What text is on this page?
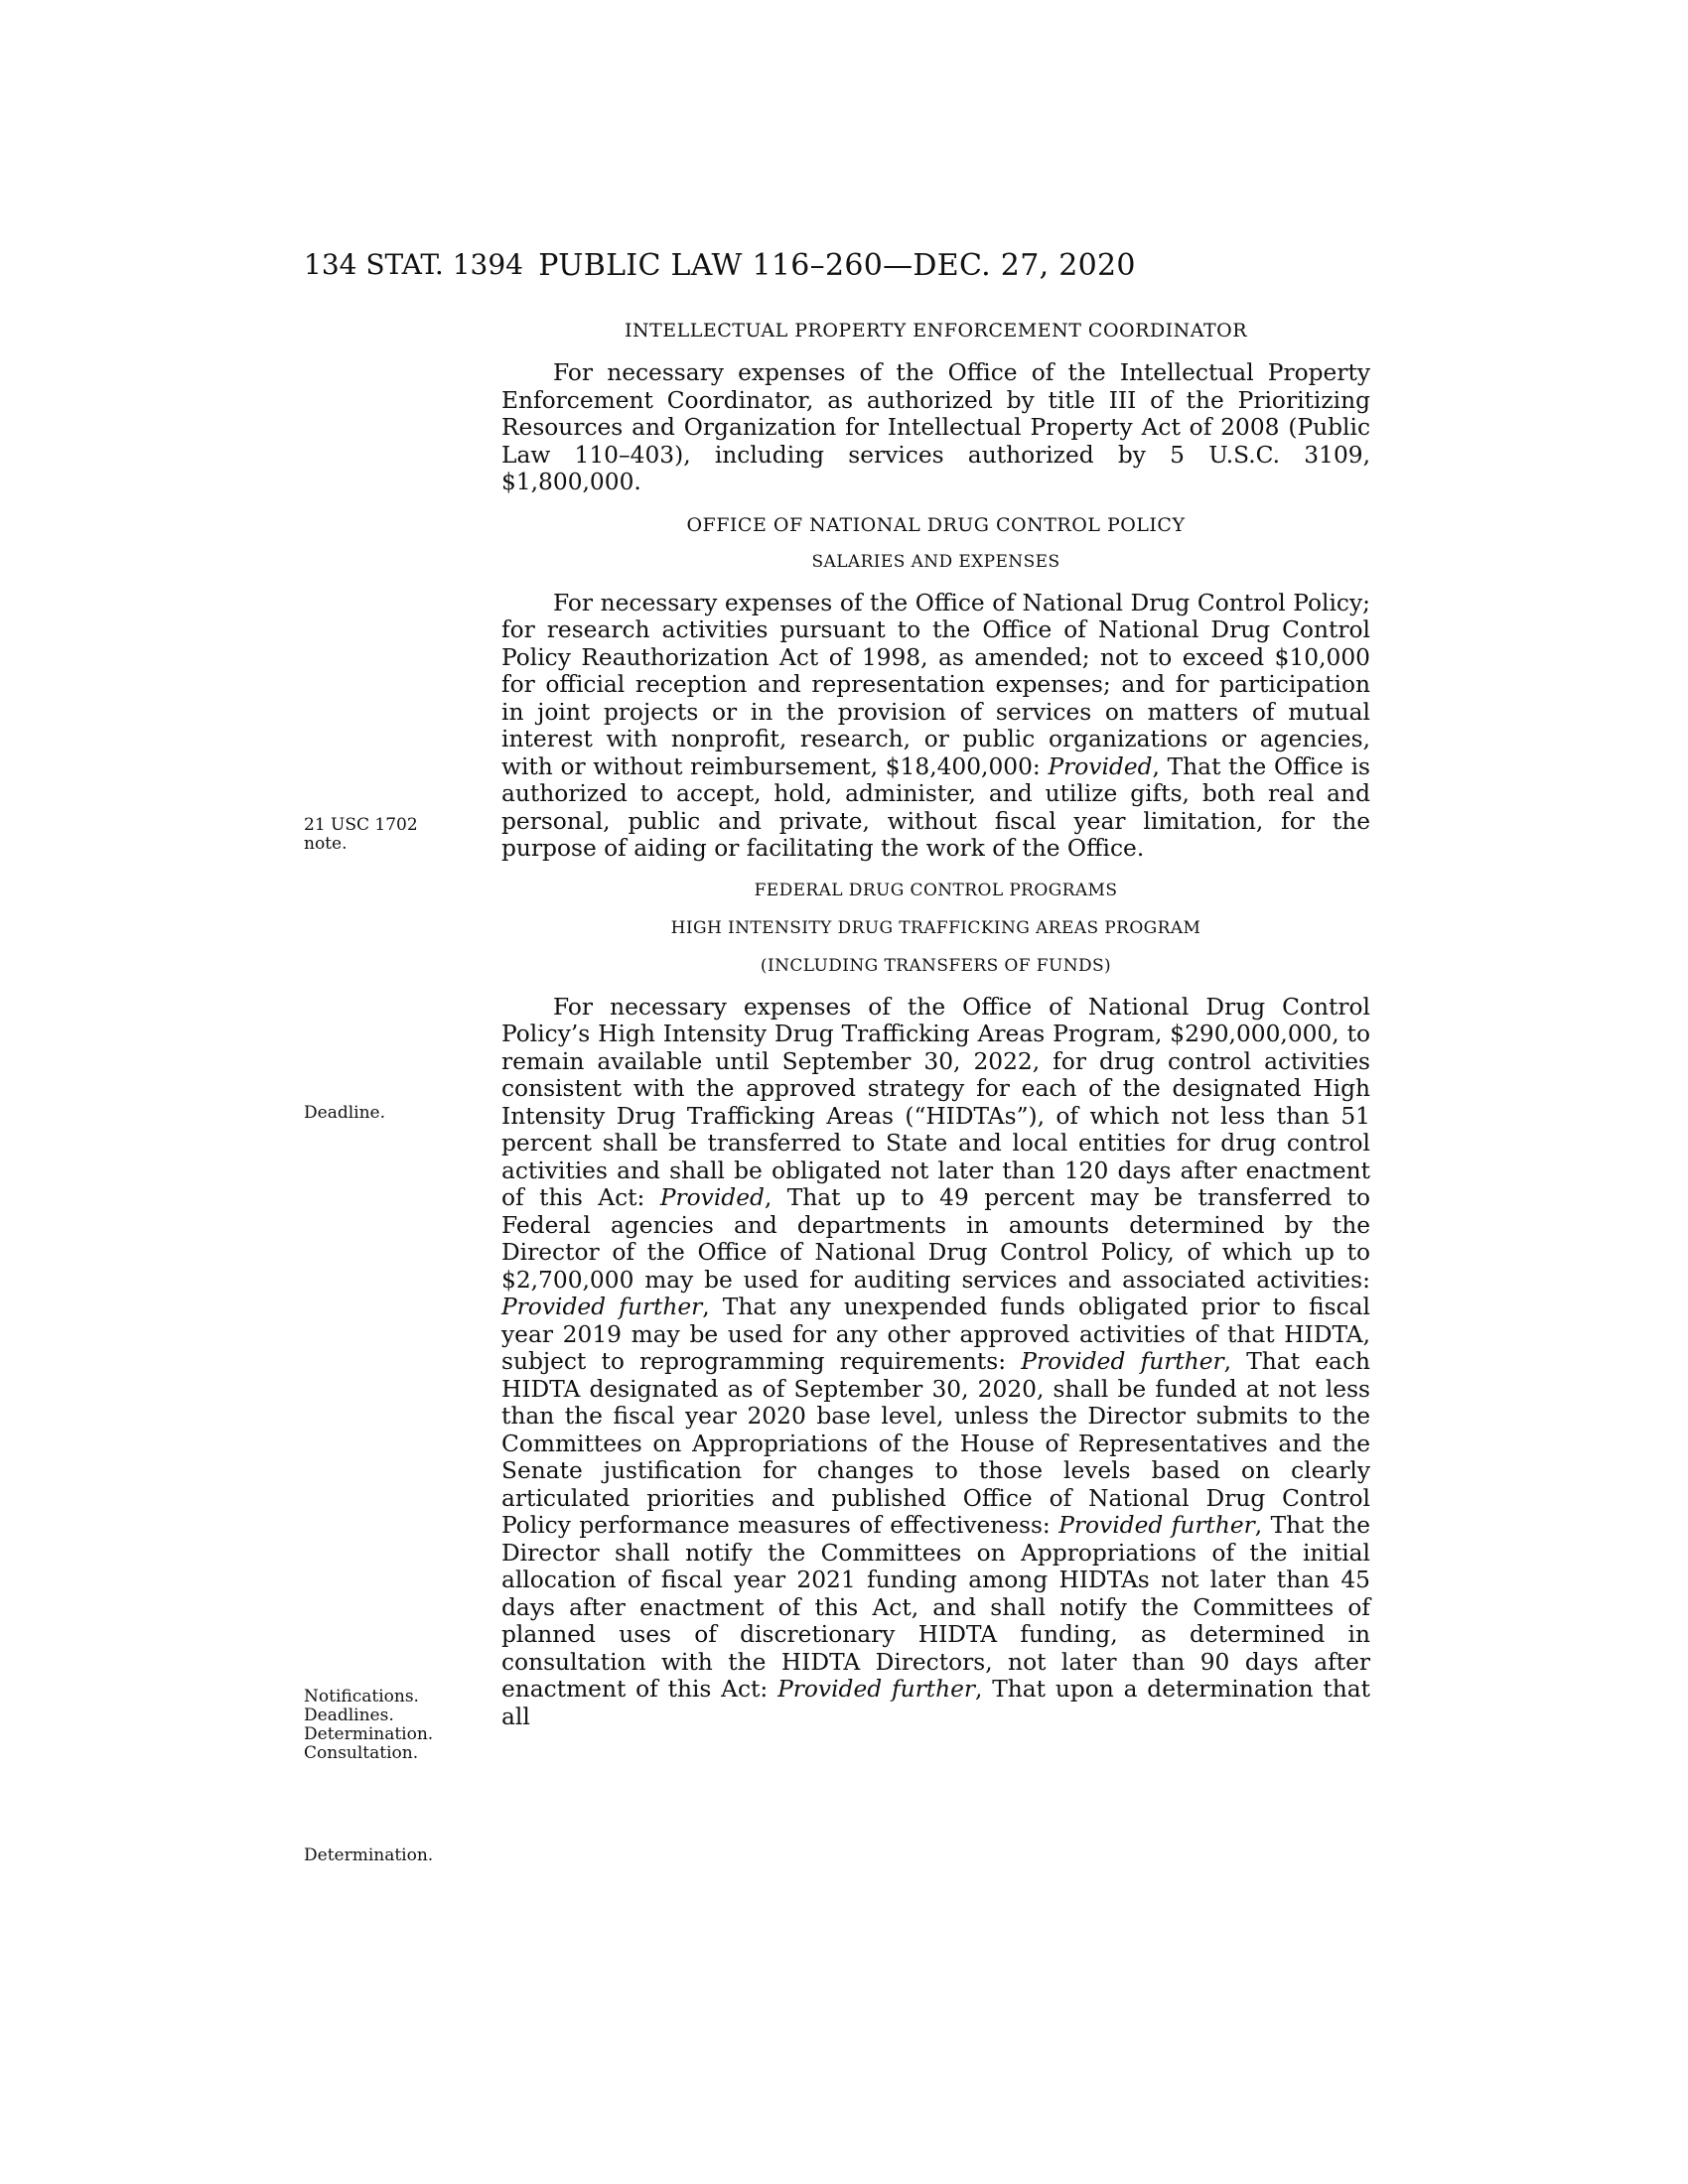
134 STAT. 1394 PUBLIC LAW 116–260—DEC. 27, 2020
INTELLECTUAL PROPERTY ENFORCEMENT COORDINATOR

For necessary expenses of the Office of the Intellectual Property Enforcement Coordinator, as authorized by title III of the Prioritizing Resources and Organization for Intellectual Property Act of 2008 (Public Law 110–403), including services authorized by 5 U.S.C. 3109, $1,800,000.

OFFICE OF NATIONAL DRUG CONTROL POLICY
SALARIES AND EXPENSES

For necessary expenses of the Office of National Drug Control Policy; for research activities pursuant to the Office of National Drug Control Policy Reauthorization Act of 1998, as amended; not to exceed $10,000 for official reception and representation expenses; and for participation in joint projects or in the provision of services on matters of mutual interest with nonprofit, research, or public organizations or agencies, with or without reimbursement, $18,400,000: Provided, That the Office is authorized to accept, hold, administer, and utilize gifts, both real and personal, public and private, without fiscal year limitation, for the purpose of aiding or facilitating the work of the Office.

FEDERAL DRUG CONTROL PROGRAMS
HIGH INTENSITY DRUG TRAFFICKING AREAS PROGRAM
(INCLUDING TRANSFERS OF FUNDS)

For necessary expenses of the Office of National Drug Control Policy’s High Intensity Drug Trafficking Areas Program, $290,000,000, to remain available until September 30, 2022, for drug control activities consistent with the approved strategy for each of the designated High Intensity Drug Trafficking Areas (“HIDTAs”), of which not less than 51 percent shall be transferred to State and local entities for drug control activities and shall be obligated not later than 120 days after enactment of this Act: Provided, That up to 49 percent may be transferred to Federal agencies and departments in amounts determined by the Director of the Office of National Drug Control Policy, of which up to $2,700,000 may be used for auditing services and associated activities: Provided further, That any unexpended funds obligated prior to fiscal year 2019 may be used for any other approved activities of that HIDTA, subject to reprogramming requirements: Provided further, That each HIDTA designated as of September 30, 2020, shall be funded at not less than the fiscal year 2020 base level, unless the Director submits to the Committees on Appropriations of the House of Representatives and the Senate justification for changes to those levels based on clearly articulated priorities and published Office of National Drug Control Policy performance measures of effectiveness: Provided further, That the Director shall notify the Committees on Appropriations of the initial allocation of fiscal year 2021 funding among HIDTAs not later than 45 days after enactment of this Act, and shall notify the Committees of planned uses of discretionary HIDTA funding, as determined in consultation with the HIDTA Directors, not later than 90 days after enactment of this Act: Provided further, That upon a determination that all

21 USC 1702
note.
Deadline.
Notifications.
Deadlines.
Determination.
Consultation.
Determination.
